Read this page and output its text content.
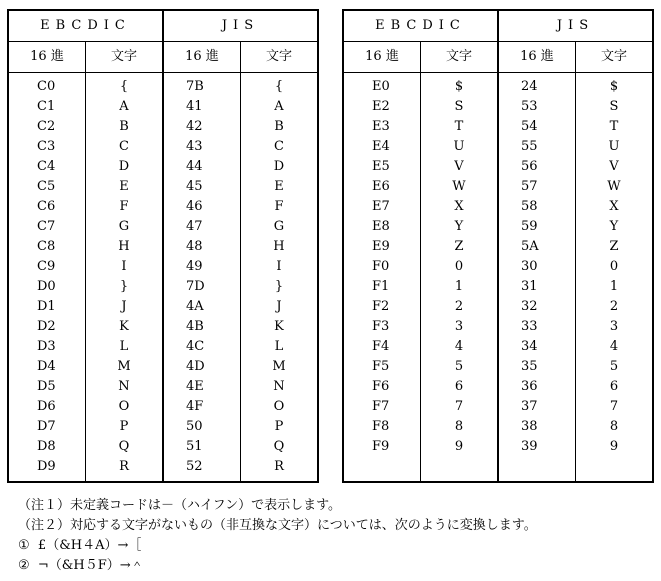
EBCDIC		JIS	
16 進	文字	16 進	文字
C0	{	7B	{
C1	A	41	A
C2	B	42	B
C3	C	43	C
C4	D	44	D
C5	E	45	E
C6	F	46	F
C7	G	47	G
C8	H	48	H
C9	I	49	I
D0	}	7D	}
D1	J	4A	J
D2	K	4B	K
D3	L	4C	L
D4	M	4D	M
D5	N	4E	N
D6	O	4F	O
D7	P	50	P
D8	Q	51	Q
D9	R	52	R
EBCDIC		JIS	
16 進	文字	16 進	文字
E0	$	24	$
E2	S	53	S
E3	T	54	T
E4	U	55	U
E5	V	56	V
E6	W	57	W
E7	X	58	X
E8	Y	59	Y
E9	Z	5A	Z
F0	0	30	0
F1	1	31	1
F2	2	32	2
F3	3	33	3
F4	4	34	4
F5	5	35	5
F6	6	36	6
F7	7	37	7
F8	8	38	8
F9	9	39	9

（注１）未定義コードは－（ハイフン）で表示します。
（注２）対応する文字がないもの（非互換な文字）については、次のように変換します。
①  £（&H４A）→［
②  ¬（&H５F）→＾
